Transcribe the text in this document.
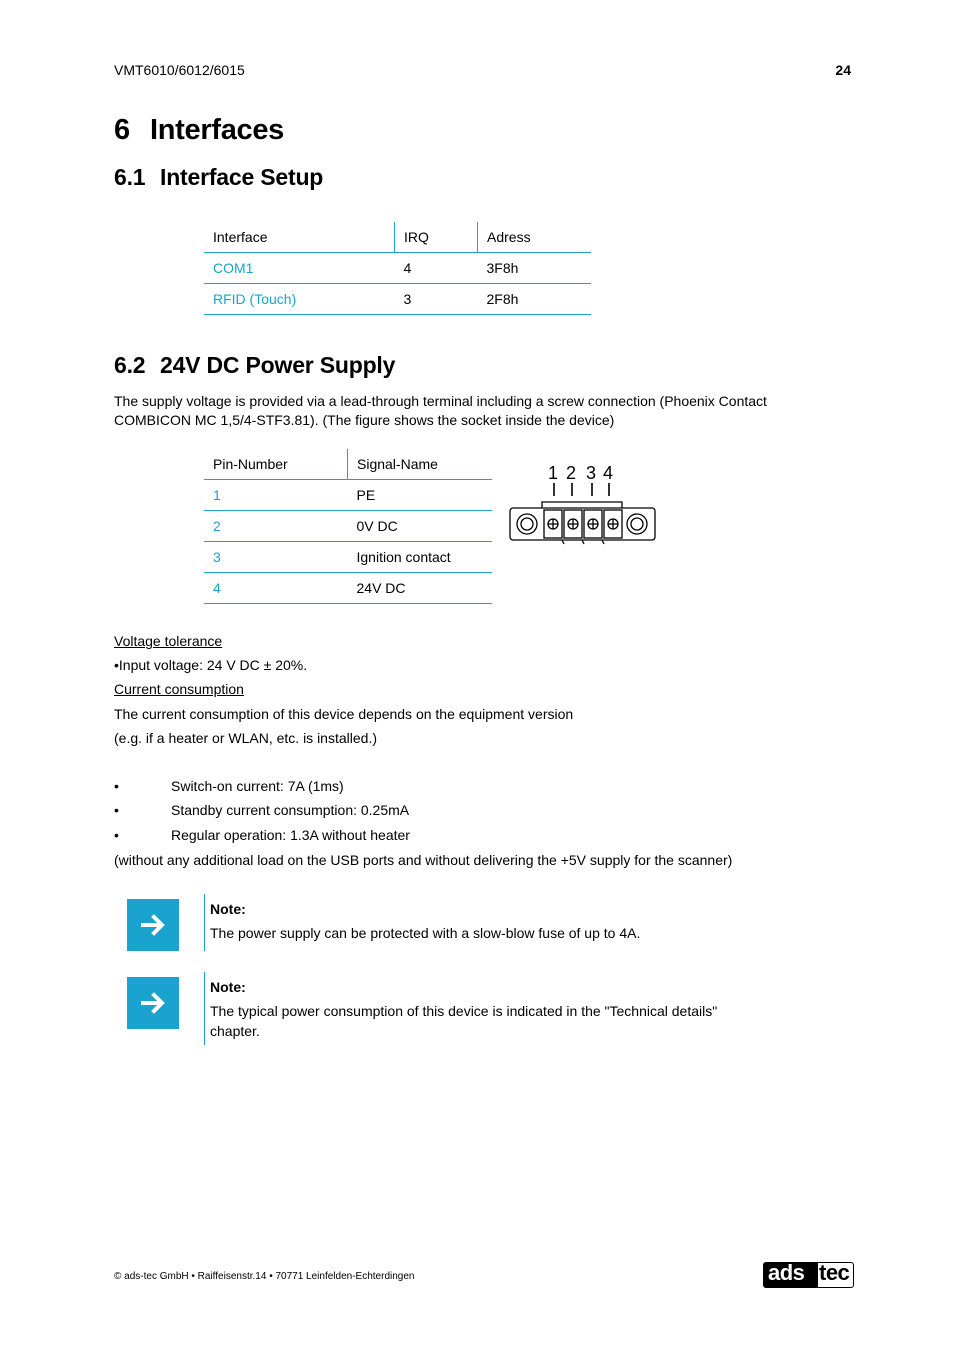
VMT6010/6012/6015	24
6 Interfaces
6.1 Interface Setup
Interface	IRQ	Adress
COM1	4	3F8h
RFID (Touch)	3	2F8h
6.2 24V DC Power Supply
The supply voltage is provided via a lead-through terminal including a screw connection (Phoenix Contact
COMBICON MC 1,5/4-STF3.81). (The figure shows the socket inside the device)
Pin-Number	Signal-Name
1	PE
2	0V DC
3	Ignition contact
4	24V DC
1 2 3 4
Voltage tolerance
•Input voltage: 24 V DC ± 20%.
Current consumption
The current consumption of this device depends on the equipment version
(e.g. if a heater or WLAN, etc. is installed.)
•	Switch-on current: 7A (1ms)
•	Standby current consumption: 0.25mA
•	Regular operation: 1.3A without heater
(without any additional load on the USB ports and without delivering the +5V supply for the scanner)
Note:
The power supply can be protected with a slow-blow fuse of up to 4A.
Note:
The typical power consumption of this device is indicated in the "Technical details"
chapter.
© ads-tec GmbH • Raiffeisenstr.14 • 70771 Leinfelden-Echterdingen	ads tec
